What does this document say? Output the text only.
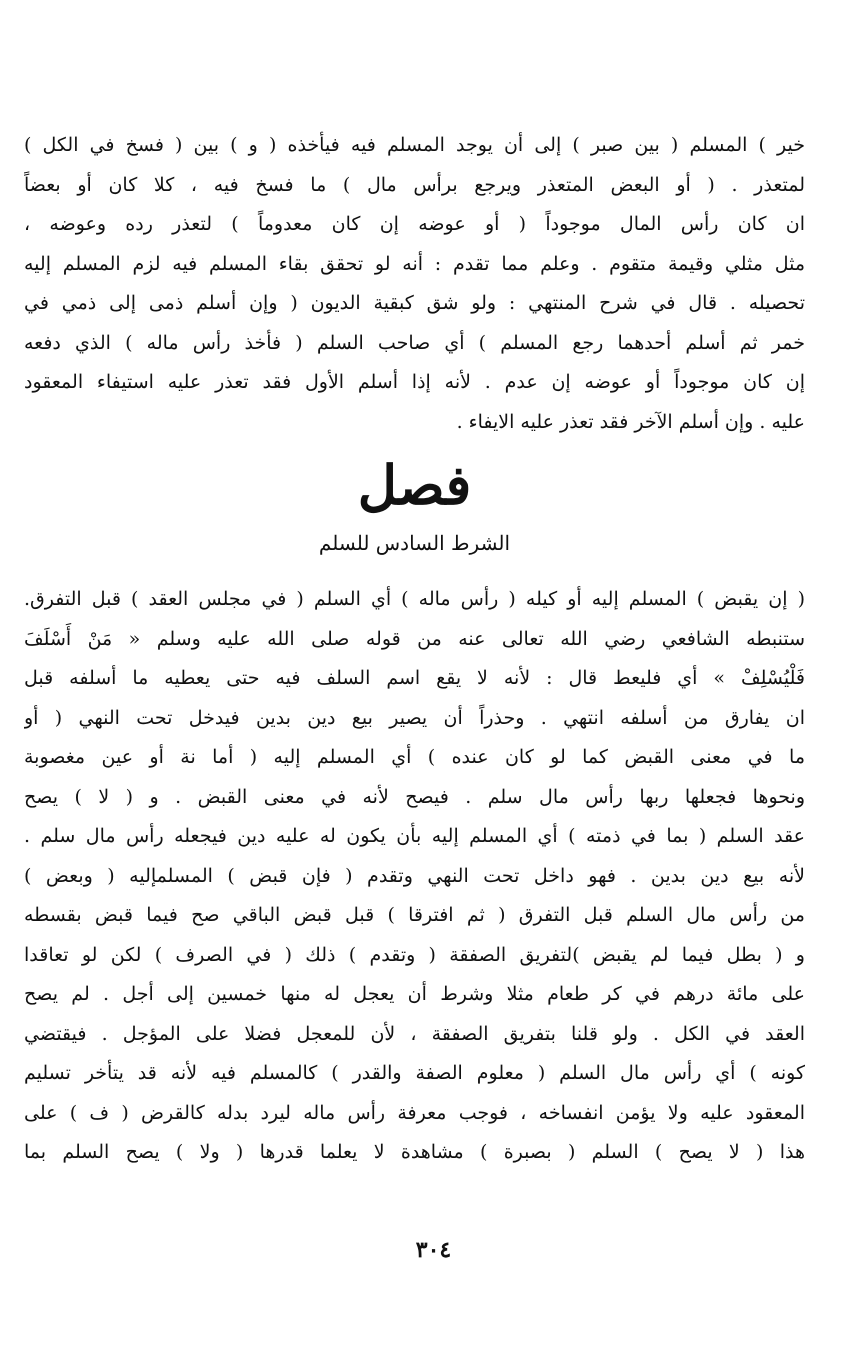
خير ) المسلم ( بين صبر ) إلى أن يوجد المسلم فيه فيأخذه ( و ) بين ( فسخ في الكل )
لمتعذر . ( أو البعض المتعذر ويرجع برأس مال ) ما فسخ فيه ، كلا كان أو بعضاً
ان كان رأس المال موجوداً ( أو عوضه إن كان معدوماً ) لتعذر رده وعوضه ،
مثل مثلي وقيمة متقوم . وعلم مما تقدم : أنه لو تحقق بقاء المسلم فيه لزم المسلم إليه
تحصيله . قال في شرح المنتهي : ولو شق كبقية الديون ( وإن أسلم ذمى إلى ذمي في
خمر ثم أسلم أحدهما رجع المسلم ) أي صاحب السلم ( فأخذ رأس ماله ) الذي دفعه
إن كان موجوداً أو عوضه إن عدم . لأنه إذا أسلم الأول فقد تعذر عليه استيفاء المعقود
عليه . وإن أسلم الآخر فقد تعذر عليه الايفاء .
فصل
الشرط السادس للسلم
( إن يقبض ) المسلم إليه أو كيله ( رأس ماله ) أي السلم ( في مجلس العقد ) قبل التفرق.
ستنبطه الشافعي رضي الله تعالى عنه من قوله صلى الله عليه وسلم « مَنْ أَسْلَفَ
فَلْيُسْلِفْ » أي فليعط قال : لأنه لا يقع اسم السلف فيه حتى يعطيه ما أسلفه قبل
ان يفارق من أسلفه انتهي . وحذراً أن يصير بيع دين بدين فيدخل تحت النهي ( أو
ما في معنى القبض كما لو كان عنده ) أي المسلم إليه ( أما نة أو عين مغصوبة
ونحوها فجعلها ربها رأس مال سلم . فيصح لأنه في معنى القبض . و ( لا ) يصح
عقد السلم ( بما في ذمته ) أي المسلم إليه بأن يكون له عليه دين فيجعله رأس مال سلم .
لأنه بيع دين بدين . فهو داخل تحت النهي وتقدم ( فإن قبض ) المسلمإليه ( وبعض )
من رأس مال السلم قبل التفرق ( ثم افترقا ) قبل قبض الباقي صح فيما قبض بقسطه
و ( بطل فيما لم يقبض )لتفريق الصفقة ( وتقدم ) ذلك ( في الصرف ) لكن لو تعاقدا
على مائة درهم في كر طعام مثلا وشرط أن يعجل له منها خمسين إلى أجل . لم يصح
العقد في الكل . ولو قلنا بتفريق الصفقة ، لأن للمعجل فضلا على المؤجل . فيقتضي
كونه ) أي رأس مال السلم ( معلوم الصفة والقدر ) كالمسلم فيه لأنه قد يتأخر تسليم
المعقود عليه ولا يؤمن انفساخه ، فوجب معرفة رأس ماله ليرد بدله كالقرض ( ف ) على
هذا ( لا يصح ) السلم ( بصبرة ) مشاهدة لا يعلما قدرها ( ولا ) يصح السلم بما
٣٠٤
